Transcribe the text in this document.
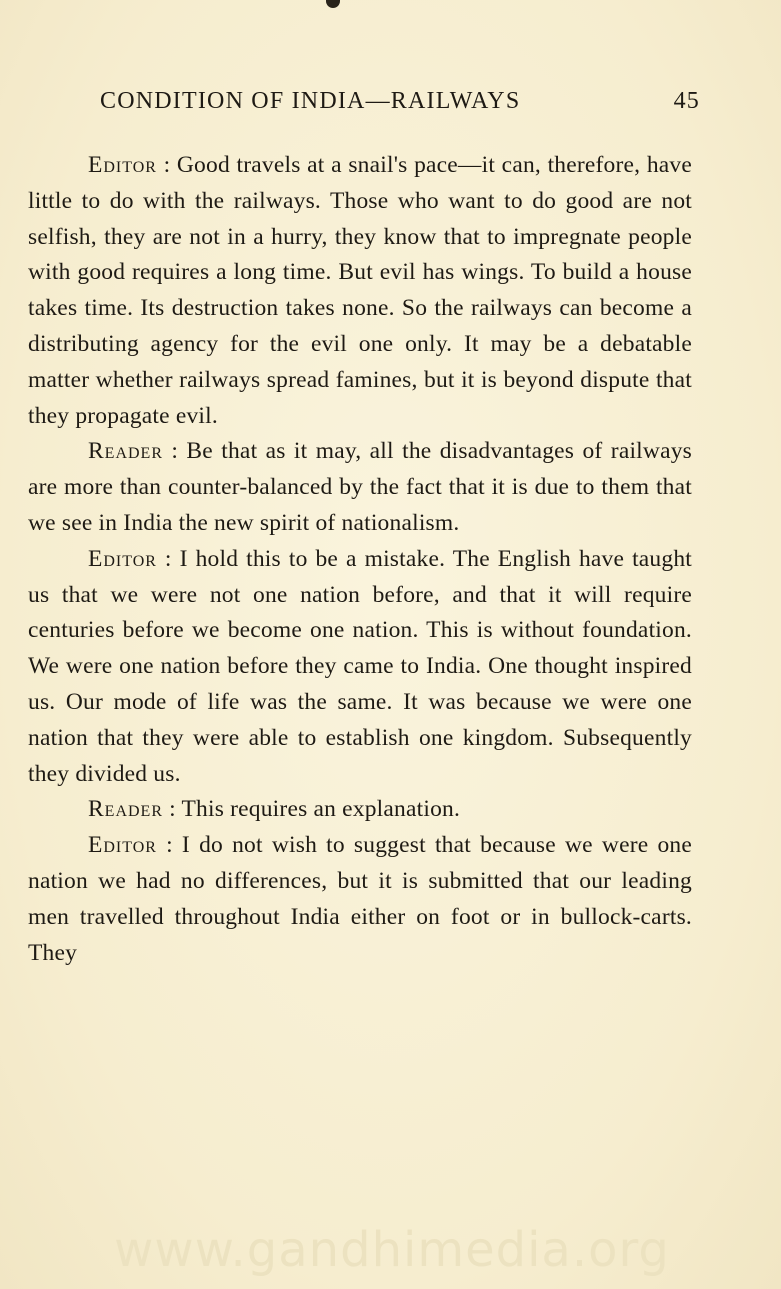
CONDITION OF INDIA—RAILWAYS	45

Editor : Good travels at a snail's pace—it can, therefore, have little to do with the railways. Those who want to do good are not selfish, they are not in a hurry, they know that to impregnate people with good requires a long time. But evil has wings. To build a house takes time. Its destruction takes none. So the railways can become a distributing agency for the evil one only. It may be a debatable matter whether railways spread famines, but it is beyond dispute that they propagate evil.

Reader : Be that as it may, all the disadvantages of railways are more than counter-balanced by the fact that it is due to them that we see in India the new spirit of nationalism.

Editor : I hold this to be a mistake. The English have taught us that we were not one nation before, and that it will require centuries before we become one nation. This is without foundation. We were one nation before they came to India. One thought inspired us. Our mode of life was the same. It was because we were one nation that they were able to establish one kingdom. Subsequently they divided us.

Reader : This requires an explanation.

Editor : I do not wish to suggest that because we were one nation we had no differences, but it is submitted that our leading men travelled throughout India either on foot or in bullock-carts. They

www.gandhimedia.org
